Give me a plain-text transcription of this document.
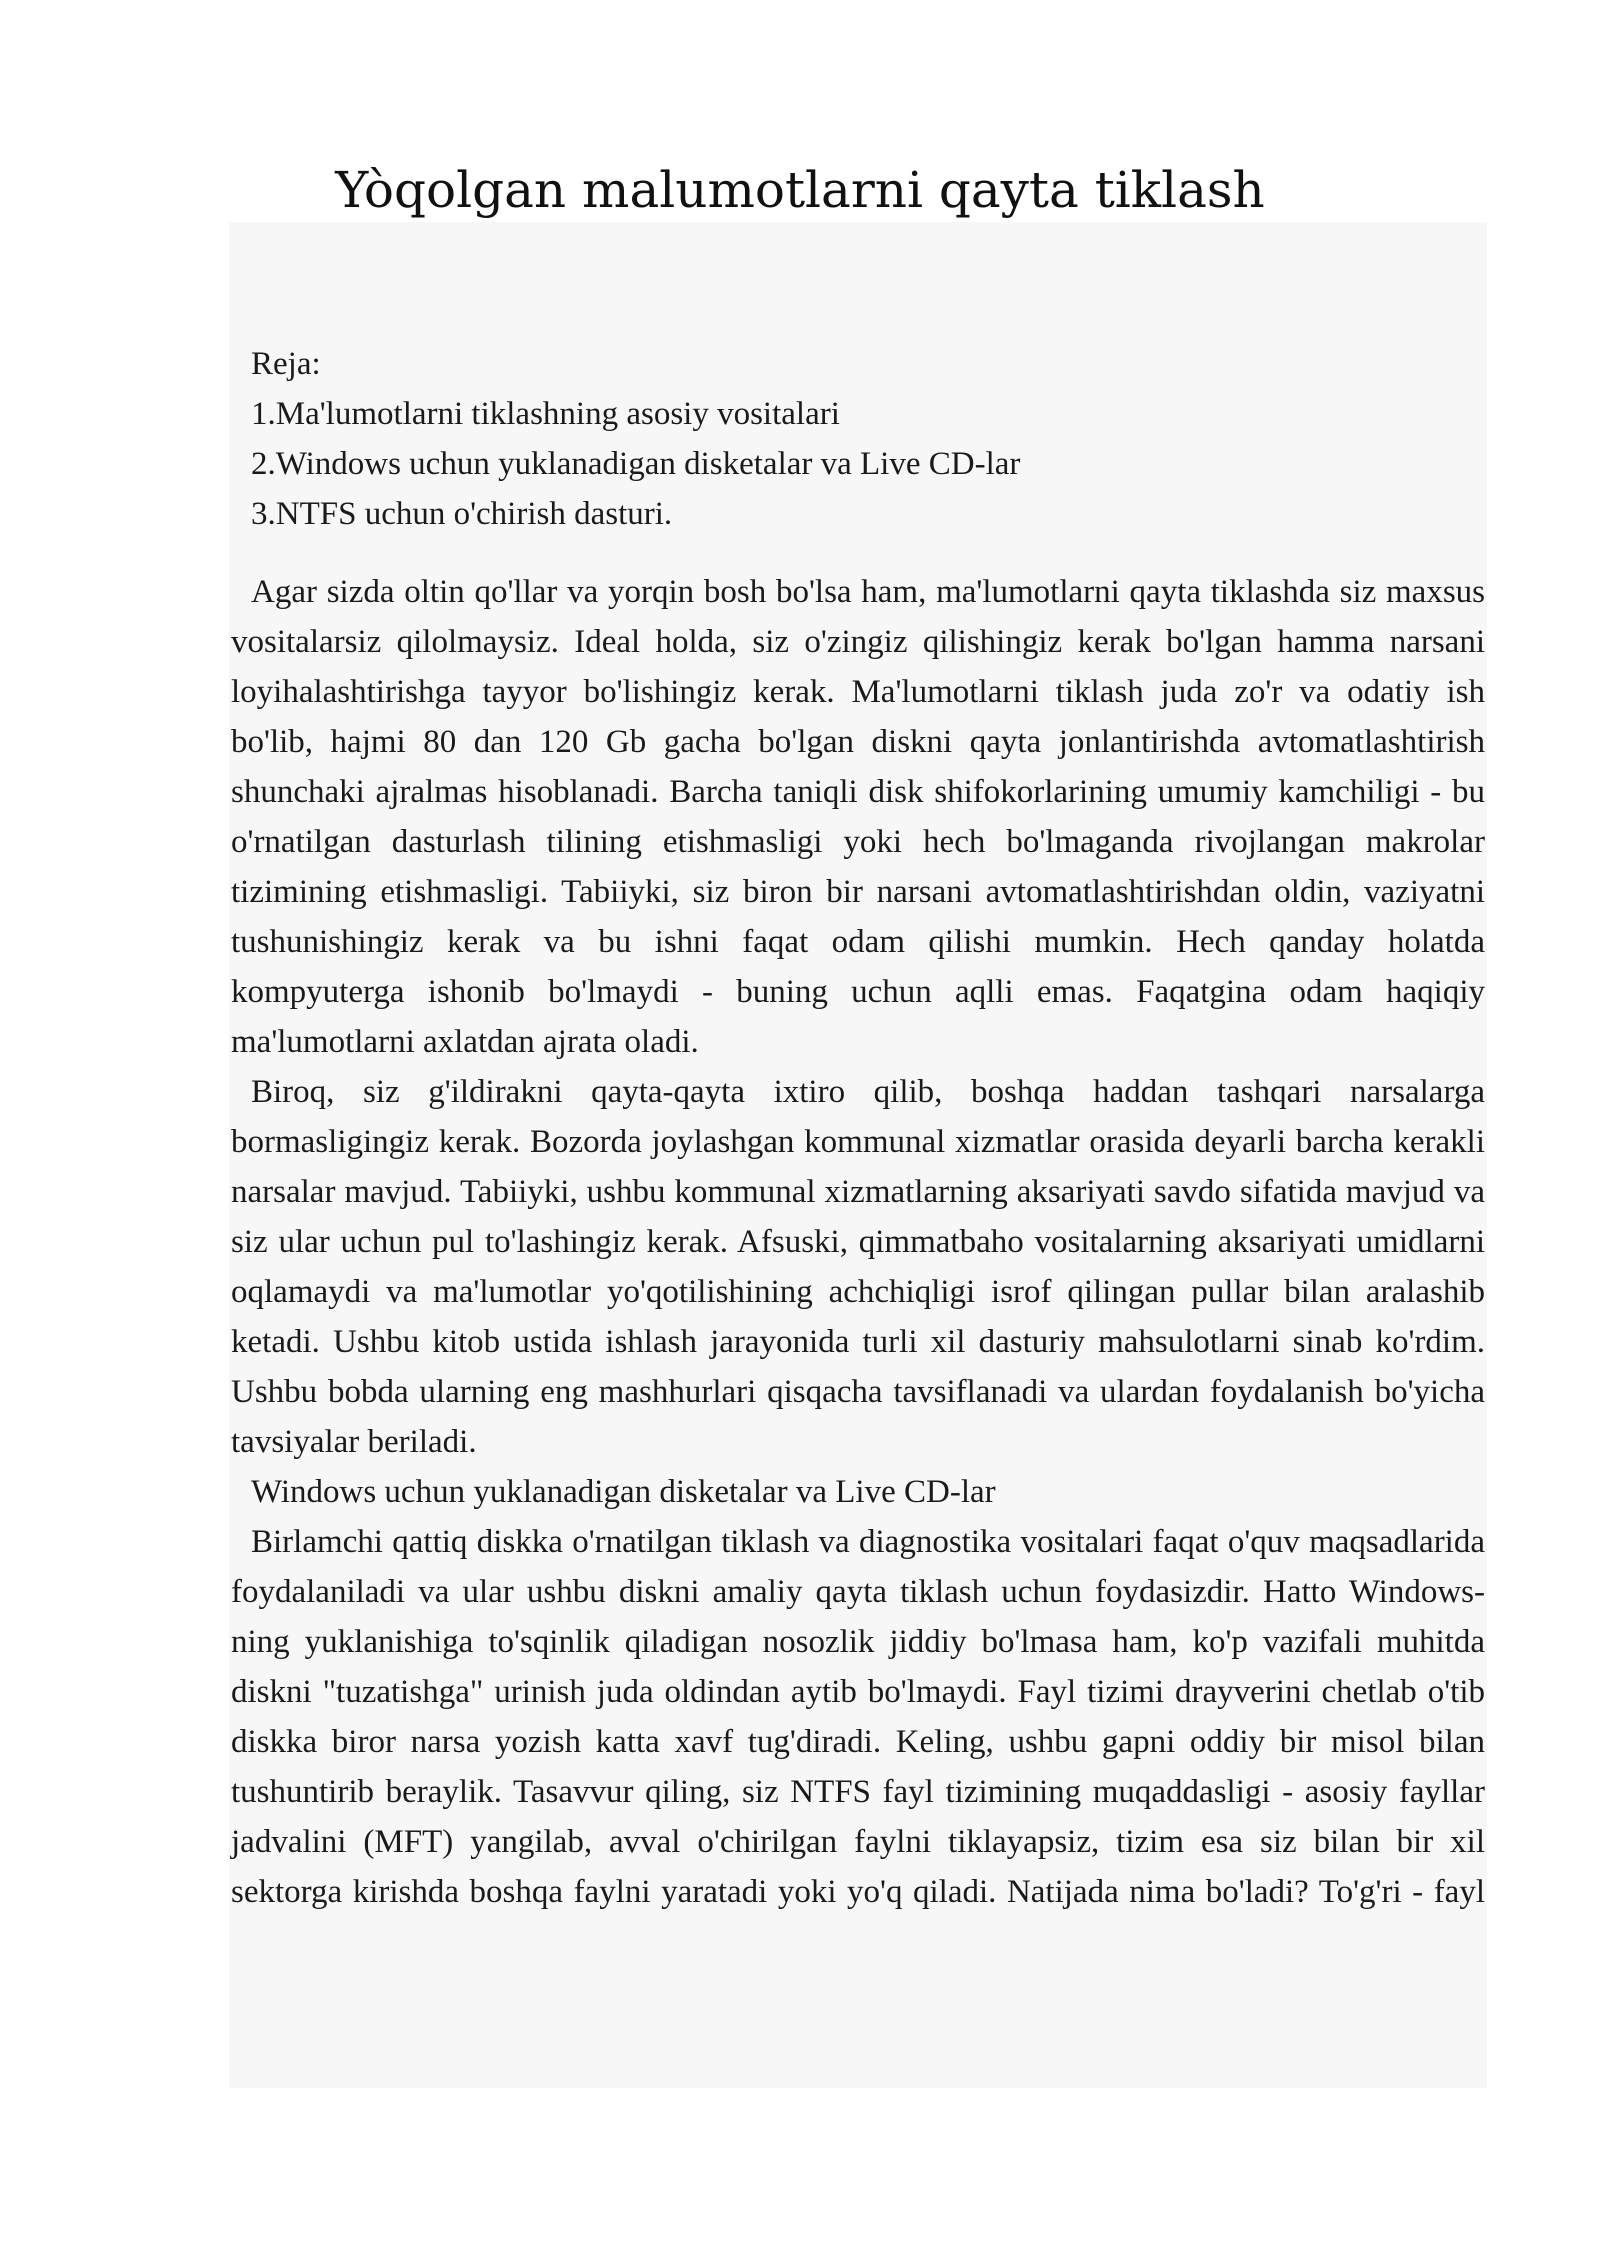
Yòqolgan malumotlarni qayta tiklash
Reja:
1.Ma'lumotlarni tiklashning asosiy vositalari
2.Windows uchun yuklanadigan disketalar va Live CD-lar
3.NTFS uchun o'chirish dasturi.

Agar sizda oltin qo'llar va yorqin bosh bo'lsa ham, ma'lumotlarni qayta tiklashda siz maxsus vositalarsiz qilolmaysiz. Ideal holda, siz o'zingiz qilishingiz kerak bo'lgan hamma narsani loyihalashtirishga tayyor bo'lishingiz kerak. Ma'lumotlarni tiklash juda zo'r va odatiy ish bo'lib, hajmi 80 dan 120 Gb gacha bo'lgan diskni qayta jonlantirishda avtomatlashtirish shunchaki ajralmas hisoblanadi. Barcha taniqli disk shifokorlarining umumiy kamchiligi - bu o'rnatilgan dasturlash tilining etishmasligi yoki hech bo'lmaganda rivojlangan makrolar tizimining etishmasligi. Tabiiyki, siz biron bir narsani avtomatlashtirishdan oldin, vaziyatni tushunishingiz kerak va bu ishni faqat odam qilishi mumkin. Hech qanday holatda kompyuterga ishonib bo'lmaydi - buning uchun aqlli emas. Faqatgina odam haqiqiy ma'lumotlarni axlatdan ajrata oladi.

Biroq, siz g'ildirakni qayta-qayta ixtiro qilib, boshqa haddan tashqari narsalarga bormasligingiz kerak. Bozorda joylashgan kommunal xizmatlar orasida deyarli barcha kerakli narsalar mavjud. Tabiiyki, ushbu kommunal xizmatlarning aksariyati savdo sifatida mavjud va siz ular uchun pul to'lashingiz kerak. Afsuski, qimmatbaho vositalarning aksariyati umidlarni oqlamaydi va ma'lumotlar yo'qotilishining achchiqligi isrof qilingan pullar bilan aralashib ketadi. Ushbu kitob ustida ishlash jarayonida turli xil dasturiy mahsulotlarni sinab ko'rdim. Ushbu bobda ularning eng mashhurlari qisqacha tavsiflanadi va ulardan foydalanish bo'yicha tavsiyalar beriladi.

Windows uchun yuklanadigan disketalar va Live CD-lar

Birlamchi qattiq diskka o'rnatilgan tiklash va diagnostika vositalari faqat o'quv maqsadlarida foydalaniladi va ular ushbu diskni amaliy qayta tiklash uchun foydasizdir. Hatto Windows-ning yuklanishiga to'sqinlik qiladigan nosozlik jiddiy bo'lmasa ham, ko'p vazifali muhitda diskni "tuzatishga" urinish juda oldindan aytib bo'lmaydi. Fayl tizimi drayverini chetlab o'tib diskka biror narsa yozish katta xavf tug'diradi. Keling, ushbu gapni oddiy bir misol bilan tushuntirib beraylik. Tasavvur qiling, siz NTFS fayl tizimining muqaddasligi - asosiy fayllar jadvalini (MFT) yangilab, avval o'chirilgan faylni tiklayapsiz, tizim esa siz bilan bir xil sektorga kirishda boshqa faylni yaratadi yoki yo'q qiladi. Natijada nima bo'ladi? To'g'ri - fayl
